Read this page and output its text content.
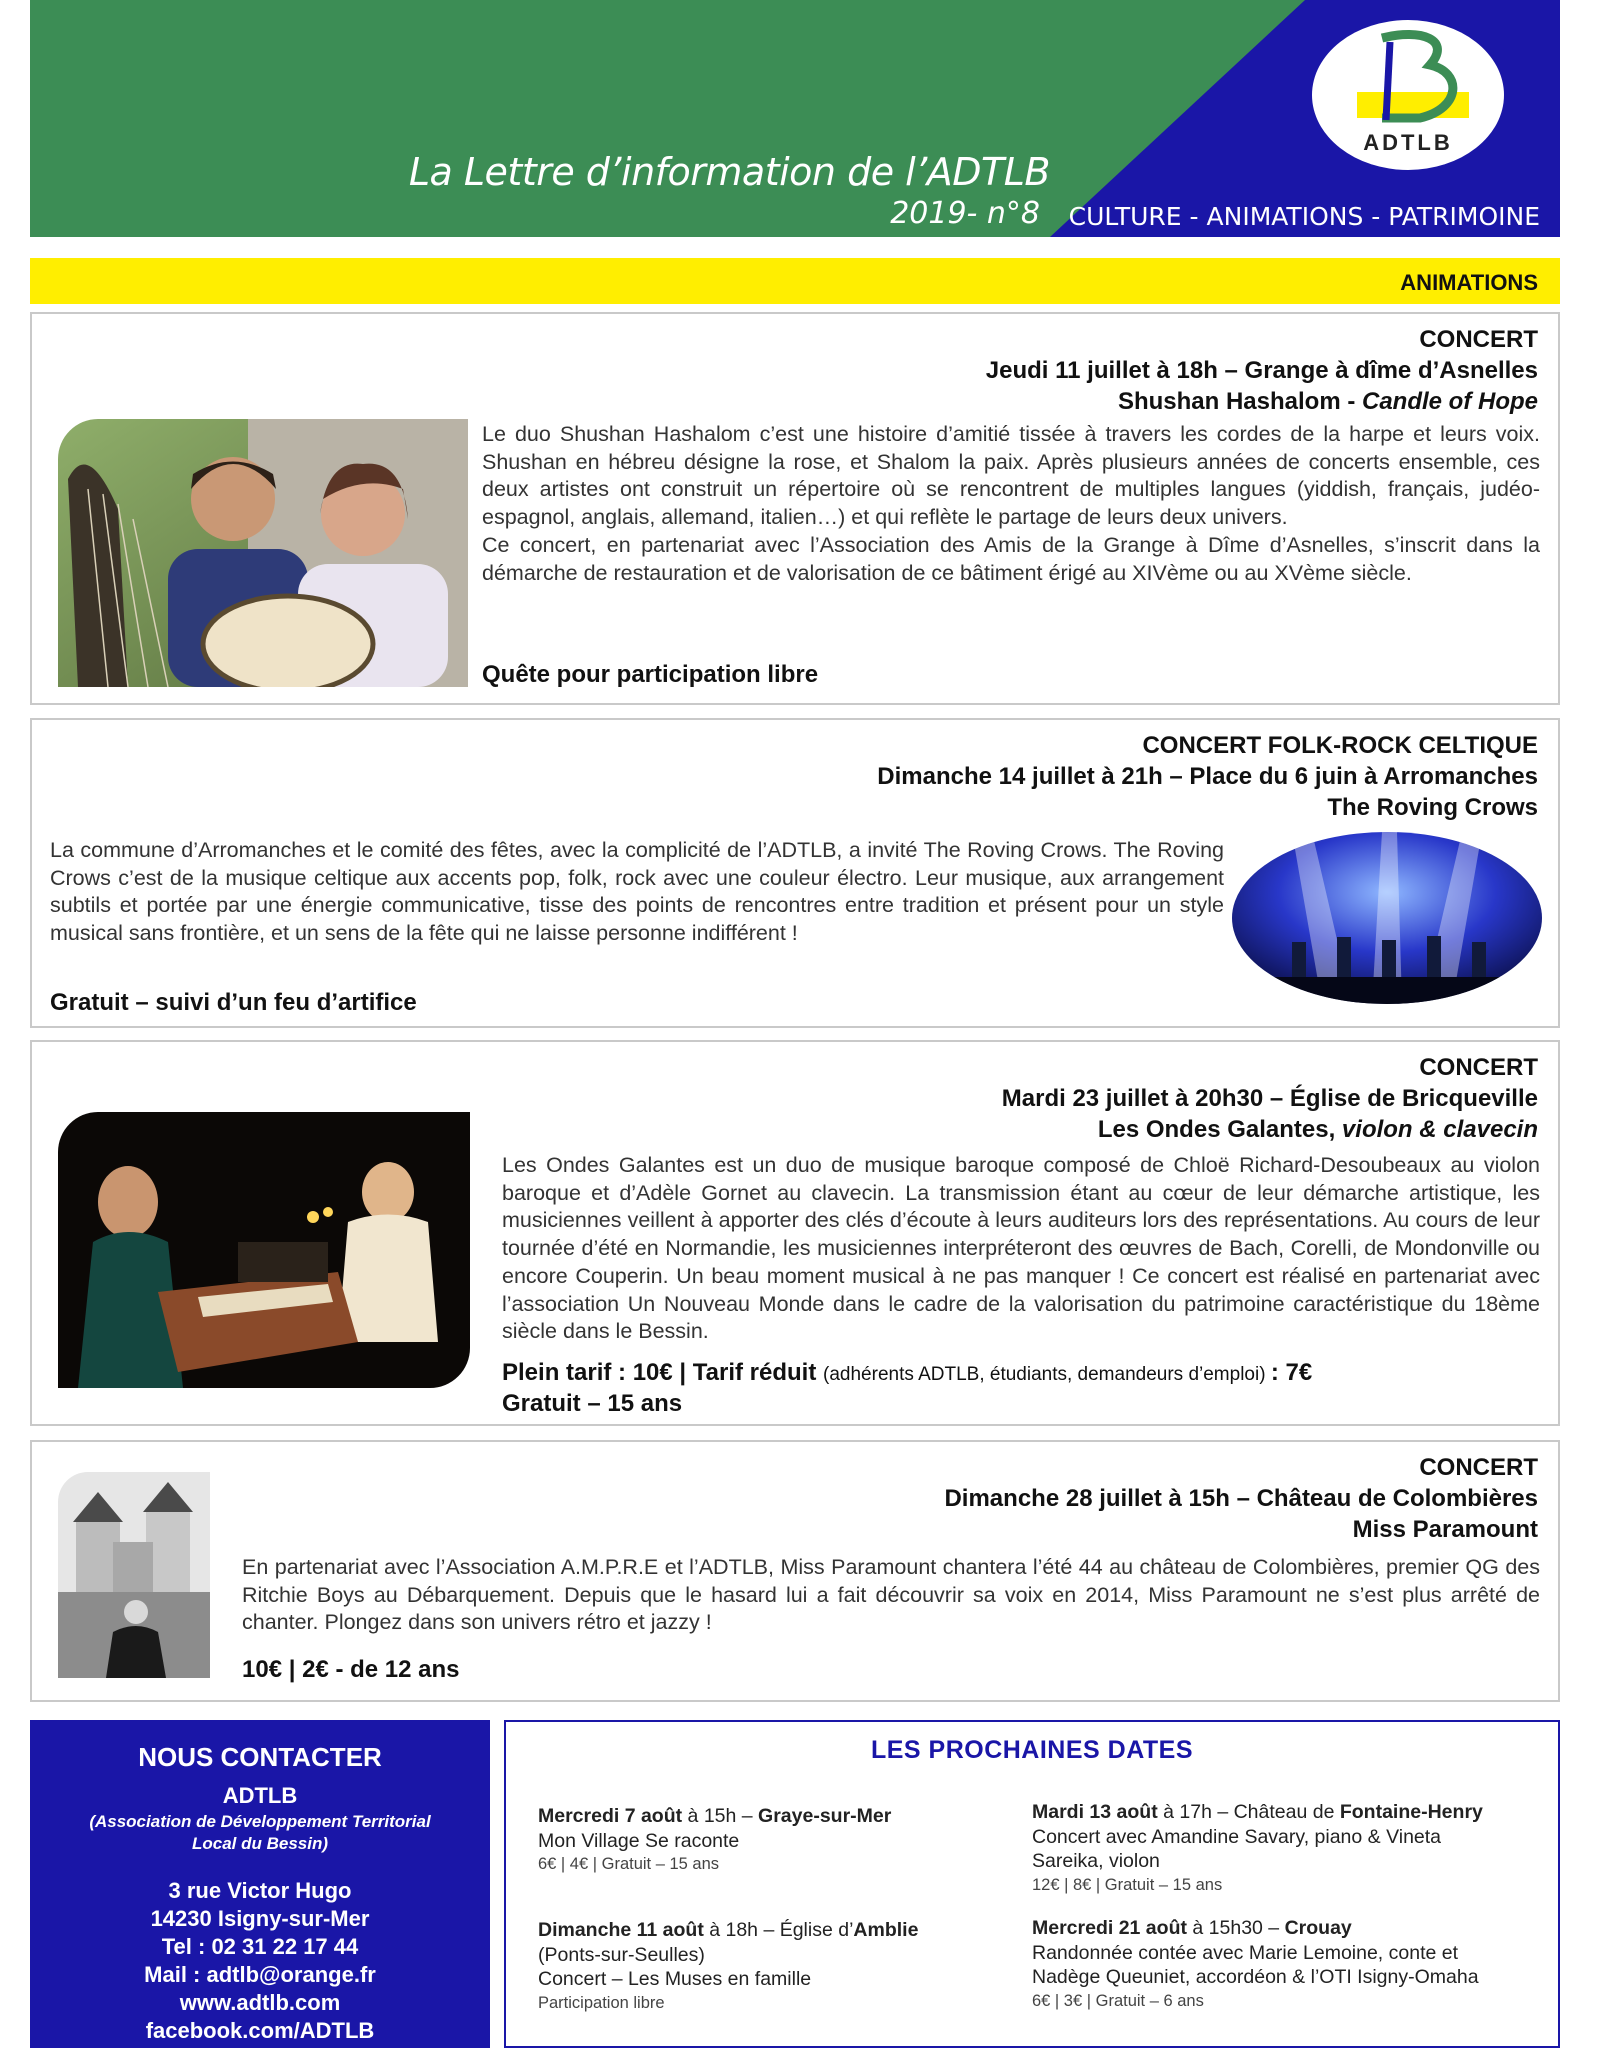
La Lettre d’information de l’ADTLB
2019- n°8 CULTURE - ANIMATIONS - PATRIMOINE
ADTLB
ANIMATIONS
CONCERT
Jeudi 11 juillet à 18h – Grange à dîme d’Asnelles
Shushan Hashalom - Candle of Hope

Le duo Shushan Hashalom c’est une histoire d’amitié tissée à travers les cordes de la harpe et leurs voix. Shushan en hébreu désigne la rose, et Shalom la paix. Après plusieurs années de concerts ensemble, ces deux artistes ont construit un répertoire où se rencontrent de multiples langues (yiddish, français, judéo-espagnol, anglais, allemand, italien…) et qui reflète le partage de leurs deux univers.

Ce concert, en partenariat avec l’Association des Amis de la Grange à Dîme d’Asnelles, s’inscrit dans la démarche de restauration et de valorisation de ce bâtiment érigé au XIVème ou au XVème siècle.

Quête pour participation libre
CONCERT FOLK-ROCK CELTIQUE
Dimanche 14 juillet à 21h – Place du 6 juin à Arromanches
The Roving Crows

La commune d’Arromanches et le comité des fêtes, avec la complicité de l’ADTLB, a invité The Roving Crows. The Roving Crows c’est de la musique celtique aux accents pop, folk, rock avec une couleur électro. Leur musique, aux arrangement subtils et portée par une énergie communicative, tisse des points de rencontres entre tradition et présent pour un style musical sans frontière, et un sens de la fête qui ne laisse personne indifférent !

Gratuit – suivi d’un feu d’artifice
CONCERT
Mardi 23 juillet à 20h30 – Église de Bricqueville
Les Ondes Galantes, violon & clavecin

Les Ondes Galantes est un duo de musique baroque composé de Chloë Richard-Desoubeaux au violon baroque et d’Adèle Gornet au clavecin. La transmission étant au cœur de leur démarche artistique, les musiciennes veillent à apporter des clés d’écoute à leurs auditeurs lors des représentations. Au cours de leur tournée d’été en Normandie, les musiciennes interpréteront des œuvres de Bach, Corelli, de Mondonville ou encore Couperin. Un beau moment musical à ne pas manquer ! Ce concert est réalisé en partenariat avec l’association Un Nouveau Monde dans le cadre de la valorisation du patrimoine caractéristique du 18ème siècle dans le Bessin.

Plein tarif : 10€ | Tarif réduit (adhérents ADTLB, étudiants, demandeurs d’emploi) : 7€
Gratuit – 15 ans
CONCERT
Dimanche 28 juillet à 15h – Château de Colombières
Miss Paramount

En partenariat avec l’Association A.M.P.R.E et l’ADTLB, Miss Paramount chantera l’été 44 au château de Colombières, premier QG des Ritchie Boys au Débarquement. Depuis que le hasard lui a fait découvrir sa voix en 2014, Miss Paramount ne s’est plus arrêté de chanter. Plongez dans son univers rétro et jazzy !

10€ | 2€ - de 12 ans
NOUS CONTACTER
ADTLB
(Association de Développement Territorial Local du Bessin)
3 rue Victor Hugo
14230 Isigny-sur-Mer
Tel : 02 31 22 17 44
Mail : adtlb@orange.fr
www.adtlb.com
facebook.com/ADTLB
LES PROCHAINES DATES
Mercredi 7 août à 15h – Graye-sur-Mer
Mon Village Se raconte
6€ | 4€ | Gratuit – 15 ans
Mardi 13 août à 17h – Château de Fontaine-Henry
Concert avec Amandine Savary, piano & Vineta
Sareika, violon
12€ | 8€ | Gratuit – 15 ans
Dimanche 11 août à 18h – Église d’Amblie
(Ponts-sur-Seulles)
Concert – Les Muses en famille
Participation libre
Mercredi 21 août à 15h30 – Crouay
Randonnée contée avec Marie Lemoine, conte et
Nadège Queuniet, accordéon & l’OTI Isigny-Omaha
6€ | 3€ | Gratuit – 6 ans
